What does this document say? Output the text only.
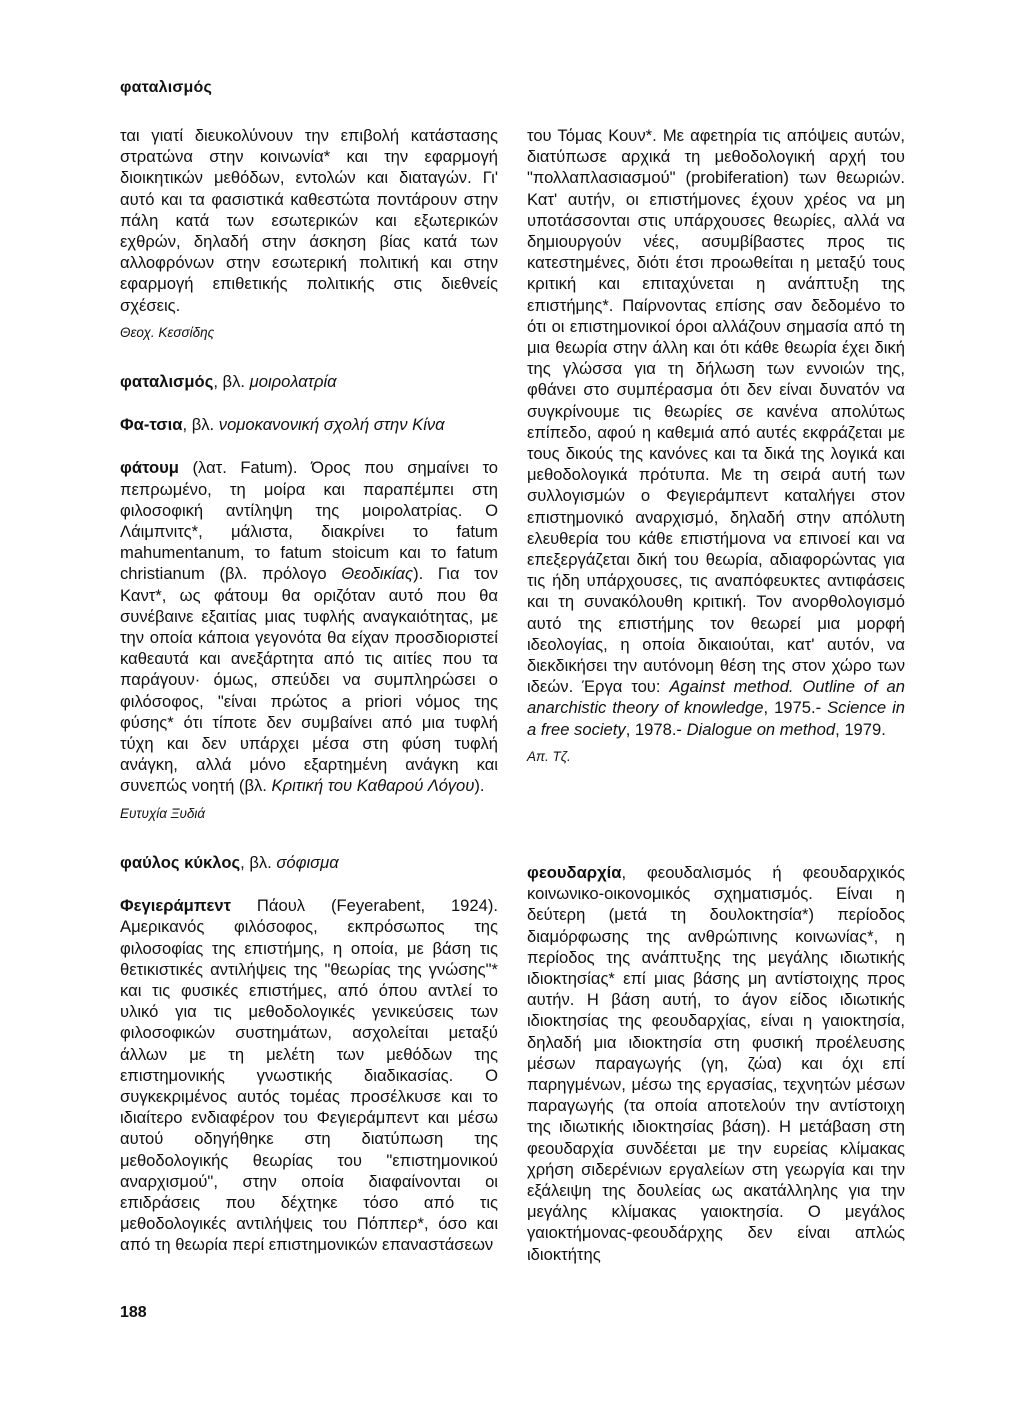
φαταλισμός

ται γιατί διευκολύνουν την επιβολή κατάστασης στρατώνα στην κοινωνία* και την εφαρμογή διοικητικών μεθόδων, εντολών και διαταγών. Γι' αυτό και τα φασιστικά καθεστώτα ποντάρουν στην πάλη κατά των εσωτερικών και εξωτερικών εχθρών, δηλαδή στην άσκηση βίας κατά των αλλοφρόνων στην εσωτερική πολιτική και στην εφαρμογή επιθετικής πολιτικής στις διεθνείς σχέσεις.

Θεοχ. Κεσσίδης

φαταλισμός, βλ. μοιρολατρία

Φα-τσια, βλ. νομοκανονική σχολή στην Κίνα

φάτουμ (λατ. Fatum). Όρος που σημαίνει το πεπρωμένο, τη μοίρα και παραπέμπει στη φιλοσοφική αντίληψη της μοιρολατρίας. Ο Λάιμπνιτς*, μάλιστα, διακρίνει το fatum mahumentanum, το fatum stoicum και το fatum christianum (βλ. πρόλογο Θεοδικίας). Για τον Καντ*, ως φάτουμ θα οριζόταν αυτό που θα συνέβαινε εξαιτίας μιας τυφλής αναγκαιότητας, με την οποία κάποια γεγονότα θα είχαν προσδιοριστεί καθεαυτά και ανεξάρτητα από τις αιτίες που τα παράγουν· όμως, σπεύδει να συμπληρώσει ο φιλόσοφος, "είναι πρώτος a priori νόμος της φύσης* ότι τίποτε δεν συμβαίνει από μια τυφλή τύχη και δεν υπάρχει μέσα στη φύση τυφλή ανάγκη, αλλά μόνο εξαρτημένη ανάγκη και συνεπώς νοητή (βλ. Κριτική του Καθαρού Λόγου).

Ευτυχία Ξυδιά

φαύλος κύκλος, βλ. σόφισμα

Φεγιεράμπεντ Πάουλ (Feyerabent, 1924). Αμερικανός φιλόσοφος, εκπρόσωπος της φιλοσοφίας της επιστήμης, η οποία, με βάση τις θετικιστικές αντιλήψεις της "θεωρίας της γνώσης"* και τις φυσικές επιστήμες, από όπου αντλεί το υλικό για τις μεθοδολογικές γενικεύσεις των φιλοσοφικών συστημάτων, ασχολείται μεταξύ άλλων με τη μελέτη των μεθόδων της επιστημονικής γνωστικής διαδικασίας. Ο συγκεκριμένος αυτός τομέας προσέλκυσε και το ιδιαίτερο ενδιαφέρον του Φεγιεράμπεντ και μέσω αυτού οδηγήθηκε στη διατύπωση της μεθοδολογικής θεωρίας του "επιστημονικού αναρχισμού", στην οποία διαφαίνονται οι επιδράσεις που δέχτηκε τόσο από τις μεθοδολογικές αντιλήψεις του Πόππερ*, όσο και από τη θεωρία περί επιστημονικών επαναστάσεων

του Τόμας Κουν*. Με αφετηρία τις απόψεις αυτών, διατύπωσε αρχικά τη μεθοδολογική αρχή του "πολλαπλασιασμού" (probiferation) των θεωριών. Κατ' αυτήν, οι επιστήμονες έχουν χρέος να μη υποτάσσονται στις υπάρχουσες θεωρίες, αλλά να δημιουργούν νέες, ασυμβίβαστες προς τις κατεστημένες, διότι έτσι προωθείται η μεταξύ τους κριτική και επιταχύνεται η ανάπτυξη της επιστήμης*. Παίρνοντας επίσης σαν δεδομένο το ότι οι επιστημονικοί όροι αλλάζουν σημασία από τη μια θεωρία στην άλλη και ότι κάθε θεωρία έχει δική της γλώσσα για τη δήλωση των εννοιών της, φθάνει στο συμπέρασμα ότι δεν είναι δυνατόν να συγκρίνουμε τις θεωρίες σε κανένα απολύτως επίπεδο, αφού η καθεμιά από αυτές εκφράζεται με τους δικούς της κανόνες και τα δικά της λογικά και μεθοδολογικά πρότυπα. Με τη σειρά αυτή των συλλογισμών ο Φεγιεράμπεντ καταλήγει στον επιστημονικό αναρχισμό, δηλαδή στην απόλυτη ελευθερία του κάθε επιστήμονα να επινοεί και να επεξεργάζεται δική του θεωρία, αδιαφορώντας για τις ήδη υπάρχουσες, τις αναπόφευκτες αντιφάσεις και τη συνακόλουθη κριτική. Τον ανορθολογισμό αυτό της επιστήμης τον θεωρεί μια μορφή ιδεολογίας, η οποία δικαιούται, κατ' αυτόν, να διεκδικήσει την αυτόνομη θέση της στον χώρο των ιδεών. Έργα του: Against method. Outline of an anarchistic theory of knowledge, 1975.- Science in a free society, 1978.- Dialogue on method, 1979.

Απ. Τζ.

φεουδαρχία, φεουδαλισμός ή φεουδαρχικός κοινωνικο-οικονομικός σχηματισμός. Είναι η δεύτερη (μετά τη δουλοκτησία*) περίοδος διαμόρφωσης της ανθρώπινης κοινωνίας*, η περίοδος της ανάπτυξης της μεγάλης ιδιωτικής ιδιοκτησίας* επί μιας βάσης μη αντίστοιχης προς αυτήν. Η βάση αυτή, το άγον είδος ιδιωτικής ιδιοκτησίας της φεουδαρχίας, είναι η γαιοκτησία, δηλαδή μια ιδιοκτησία στη φυσική προέλευσης μέσων παραγωγής (γη, ζώα) και όχι επί παρηγμένων, μέσω της εργασίας, τεχνητών μέσων παραγωγής (τα οποία αποτελούν την αντίστοιχη της ιδιωτικής ιδιοκτησίας βάση). Η μετάβαση στη φεουδαρχία συνδέεται με την ευρείας κλίμακας χρήση σιδερένιων εργαλείων στη γεωργία και την εξάλειψη της δουλείας ως ακατάλληλης για την μεγάλης κλίμακας γαιοκτησία. Ο μεγάλος γαιοκτήμονας-φεουδάρχης δεν είναι απλώς ιδιοκτήτης

188
